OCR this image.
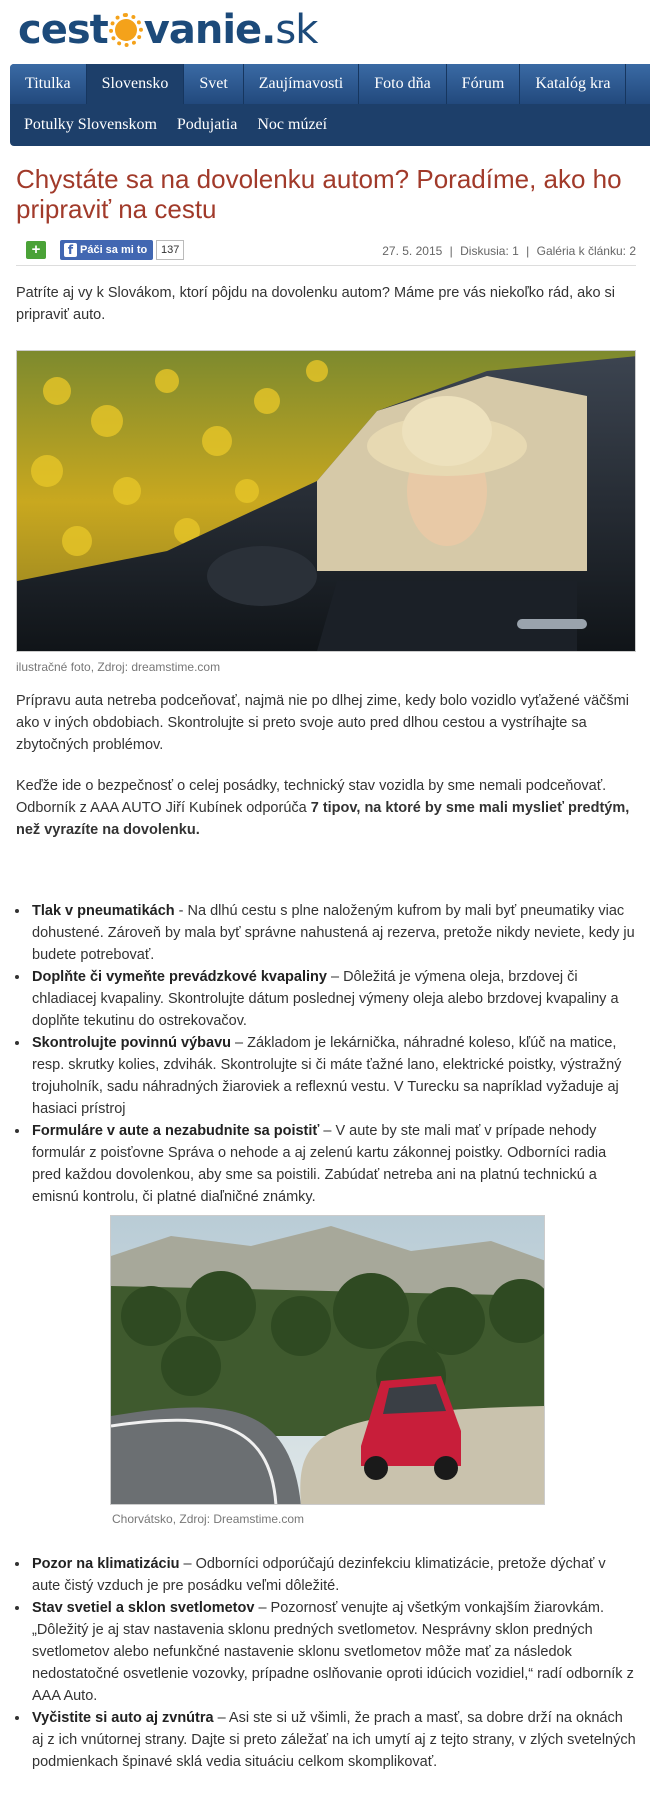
cest vanie . sk
Titulka	Slovensko	Svet	Zaujímavosti	Foto dňa	Fórum	Katalóg kra
Potulky Slovenskom	Podujatia	Noc múzeí
Chystáte sa na dovolenku autom? Poradíme, ako ho pripraviť na cestu
+	f Páči sa mi to	137	27. 5. 2015 | Diskusia: 1 | Galéria k článku: 2

Patríte aj vy k Slovákom, ktorí pôjdu na dovolenku autom? Máme pre vás niekoľko rád, ako si pripraviť auto.

ilustračné foto, Zdroj: dreamstime.com

Prípravu auta netreba podceňovať, najmä nie po dlhej zime, kedy bolo vozidlo vyťažené väčšmi ako v iných obdobiach. Skontrolujte si preto svoje auto pred dlhou cestou a vystríhajte sa zbytočných problémov.

Keďže ide o bezpečnosť o celej posádky, technický stav vozidla by sme nemali podceňovať. Odborník z AAA AUTO Jiří Kubínek odporúča 7 tipov, na ktoré by sme mali myslieť predtým, než vyrazíte na dovolenku.

• Tlak v pneumatikách - Na dlhú cestu s plne naloženým kufrom by mali byť pneumatiky viac dohustené. Zároveň by mala byť správne nahustená aj rezerva, pretože nikdy neviete, kedy ju budete potrebovať.
• Doplňte či vymeňte prevádzkové kvapaliny – Dôležitá je výmena oleja, brzdovej či chladiacej kvapaliny. Skontrolujte dátum poslednej výmeny oleja alebo brzdovej kvapaliny a doplňte tekutinu do ostrekovačov.
• Skontrolujte povinnú výbavu – Základom je lekárnička, náhradné koleso, kľúč na matice, resp. skrutky kolies, zdvihák. Skontrolujte si či máte ťažné lano, elektrické poistky, výstražný trojuholník, sadu náhradných žiaroviek a reflexnú vestu. V Turecku sa napríklad vyžaduje aj hasiaci prístroj
• Formuláre v aute a nezabudnite sa poistiť – V aute by ste mali mať v prípade nehody formulár z poisťovne Správa o nehode a aj zelenú kartu zákonnej poistky. Odborníci radia pred každou dovolenkou, aby sme sa poistili. Zabúdať netreba ani na platnú technickú a emisnú kontrolu, či platné diaľničné známky.
Chorvátsko, Zdroj: Dreamstime.com
• Pozor na klimatizáciu – Odborníci odporúčajú dezinfekciu klimatizácie, pretože dýchať v aute čistý vzduch je pre posádku veľmi dôležité.
• Stav svetiel a sklon svetlometov – Pozornosť venujte aj všetkým vonkajším žiarovkám. „Dôležitý je aj stav nastavenia sklonu predných svetlometov. Nesprávny sklon predných svetlometov alebo nefunkčné nastavenie sklonu svetlometov môže mať za následok nedostatočné osvetlenie vozovky, prípadne oslňovanie oproti idúcich vozidiel,“ radí odborník z AAA Auto.
• Vyčistite si auto aj zvnútra – Asi ste si už všimli, že prach a masť, sa dobre drží na oknách aj z ich vnútornej strany. Dajte si preto záležať na ich umytí aj z tejto strany, v zlých svetelných podmienkach špinavé sklá vedia situáciu celkom skomplikovať.
